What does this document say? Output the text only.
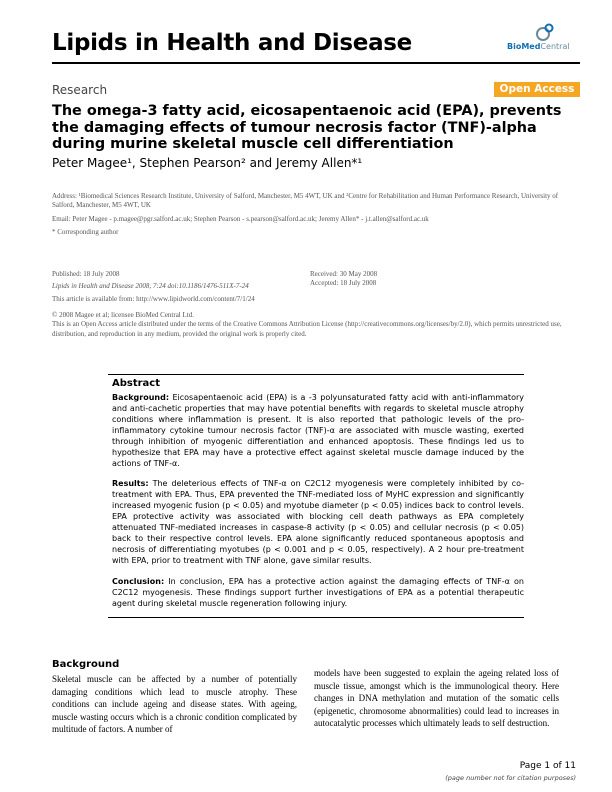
Lipids in Health and Disease	BioMedCentral
Research	Open Access
The omega-3 fatty acid, eicosapentaenoic acid (EPA), prevents the damaging effects of tumour necrosis factor (TNF)-alpha during murine skeletal muscle cell differentiation
Peter Magee¹, Stephen Pearson² and Jeremy Allen*¹
Address: ¹Biomedical Sciences Research Institute, University of Salford, Manchester, M5 4WT, UK and ²Centre for Rehabilitation and Human Performance Research, University of Salford, Manchester, M5 4WT, UK
Email: Peter Magee - p.magee@pgr.salford.ac.uk; Stephen Pearson - s.pearson@salford.ac.uk; Jeremy Allen* - j.t.allen@salford.ac.uk
* Corresponding author
Published: 18 July 2008
Lipids in Health and Disease 2008, 7:24 doi:10.1186/1476-511X-7-24
This article is available from: http://www.lipidworld.com/content/7/1/24
Received: 30 May 2008
Accepted: 18 July 2008
© 2008 Magee et al; licensee BioMed Central Ltd.
This is an Open Access article distributed under the terms of the Creative Commons Attribution License (http://creativecommons.org/licenses/by/2.0), which permits unrestricted use, distribution, and reproduction in any medium, provided the original work is properly cited.
Abstract
Background: Eicosapentaenoic acid (EPA) is a -3 polyunsaturated fatty acid with anti-inflammatory and anti-cachetic properties that may have potential benefits with regards to skeletal muscle atrophy conditions where inflammation is present. It is also reported that pathologic levels of the pro-inflammatory cytokine tumour necrosis factor (TNF)-α are associated with muscle wasting, exerted through inhibition of myogenic differentiation and enhanced apoptosis. These findings led us to hypothesize that EPA may have a protective effect against skeletal muscle damage induced by the actions of TNF-α.
Results: The deleterious effects of TNF-α on C2C12 myogenesis were completely inhibited by co-treatment with EPA. Thus, EPA prevented the TNF-mediated loss of MyHC expression and significantly increased myogenic fusion (p < 0.05) and myotube diameter (p < 0.05) indices back to control levels. EPA protective activity was associated with blocking cell death pathways as EPA completely attenuated TNF-mediated increases in caspase-8 activity (p < 0.05) and cellular necrosis (p < 0.05) back to their respective control levels. EPA alone significantly reduced spontaneous apoptosis and necrosis of differentiating myotubes (p < 0.001 and p < 0.05, respectively). A 2 hour pre-treatment with EPA, prior to treatment with TNF alone, gave similar results.
Conclusion: In conclusion, EPA has a protective action against the damaging effects of TNF-α on C2C12 myogenesis. These findings support further investigations of EPA as a potential therapeutic agent during skeletal muscle regeneration following injury.
Background
Skeletal muscle can be affected by a number of potentially damaging conditions which lead to muscle atrophy. These conditions can include ageing and disease states. With ageing, muscle wasting occurs which is a chronic condition complicated by multitude of factors. A number of
models have been suggested to explain the ageing related loss of muscle tissue, amongst which is the immunological theory. Here changes in DNA methylation and mutation of the somatic cells (epigenetic, chromosome abnormalities) could lead to increases in autocatalytic processes which ultimately leads to self destruction.
Page 1 of 11
(page number not for citation purposes)
